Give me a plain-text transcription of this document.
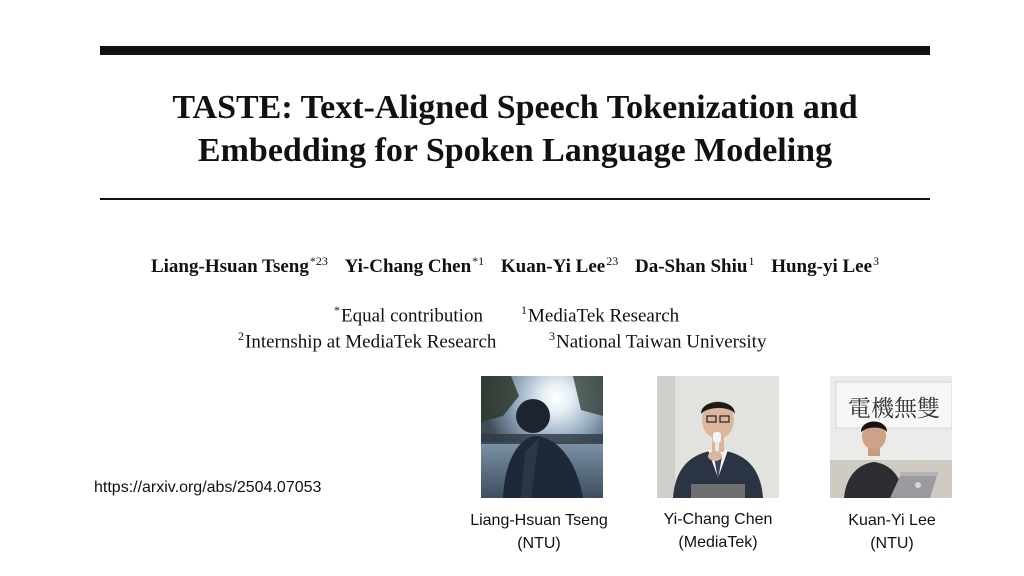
TASTE: Text-Aligned Speech Tokenization and
Embedding for Spoken Language Modeling
Liang-Hsuan Tseng$^{*23}$ Yi-Chang Chen$^{*1}$ Kuan-Yi Lee$^{23}$ Da-Shan Shiu$^1$ Hung-yi Lee$^3$
*Equal contribution	$^1$MediaTek Research
$^2$Internship at MediaTek Research	$^3$National Taiwan University
https://arxiv.org/abs/2504.07053
電機無雙
Liang-Hsuan Tseng
(NTU)
Yi-Chang Chen
(MediaTek)
Kuan-Yi Lee
(NTU)
